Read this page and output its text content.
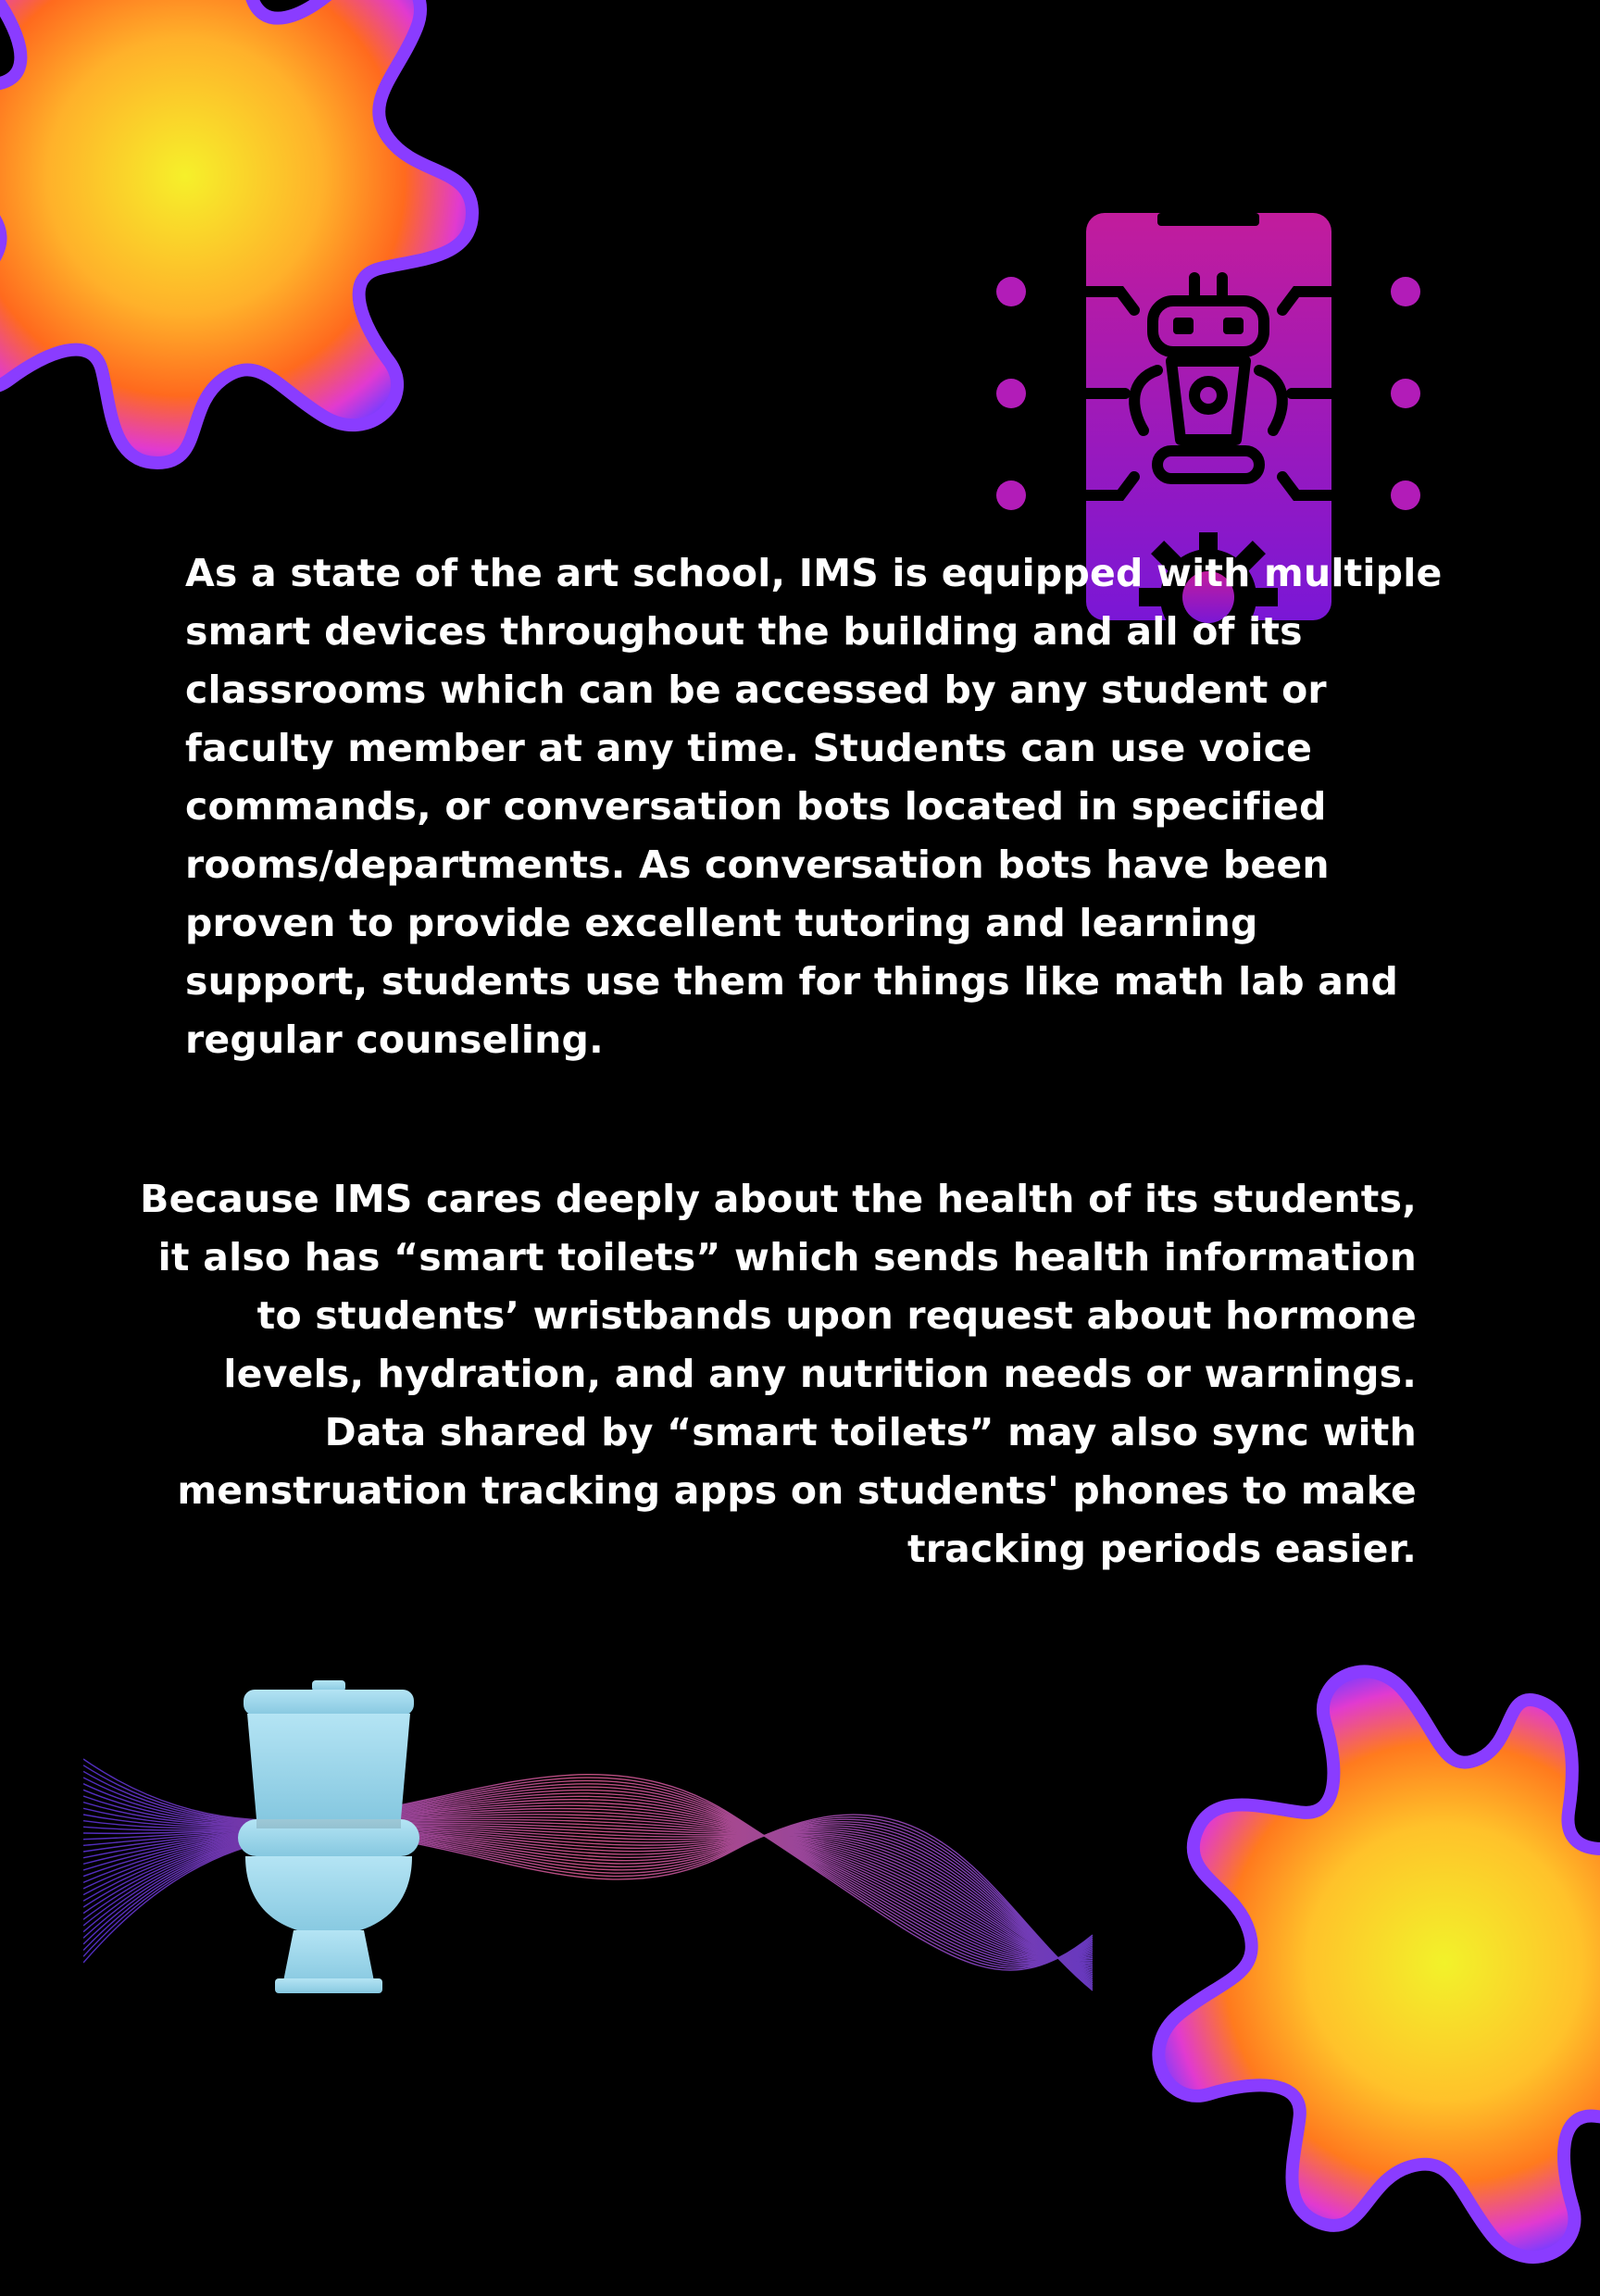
As a state of the art school, IMS is equipped with multiple smart devices throughout the building and all of its classrooms which can be accessed by any student or faculty member at any time. Students can use voice commands, or conversation bots located in specified rooms/departments. As conversation bots have been proven to provide excellent tutoring and learning support, students use them for things like math lab and regular counseling.

Because IMS cares deeply about the health of its students, it also has “smart toilets” which sends health information to students’ wristbands upon request about hormone levels, hydration, and any nutrition needs or warnings. Data shared by “smart toilets” may also sync with menstruation tracking apps on students' phones to make tracking periods easier.
